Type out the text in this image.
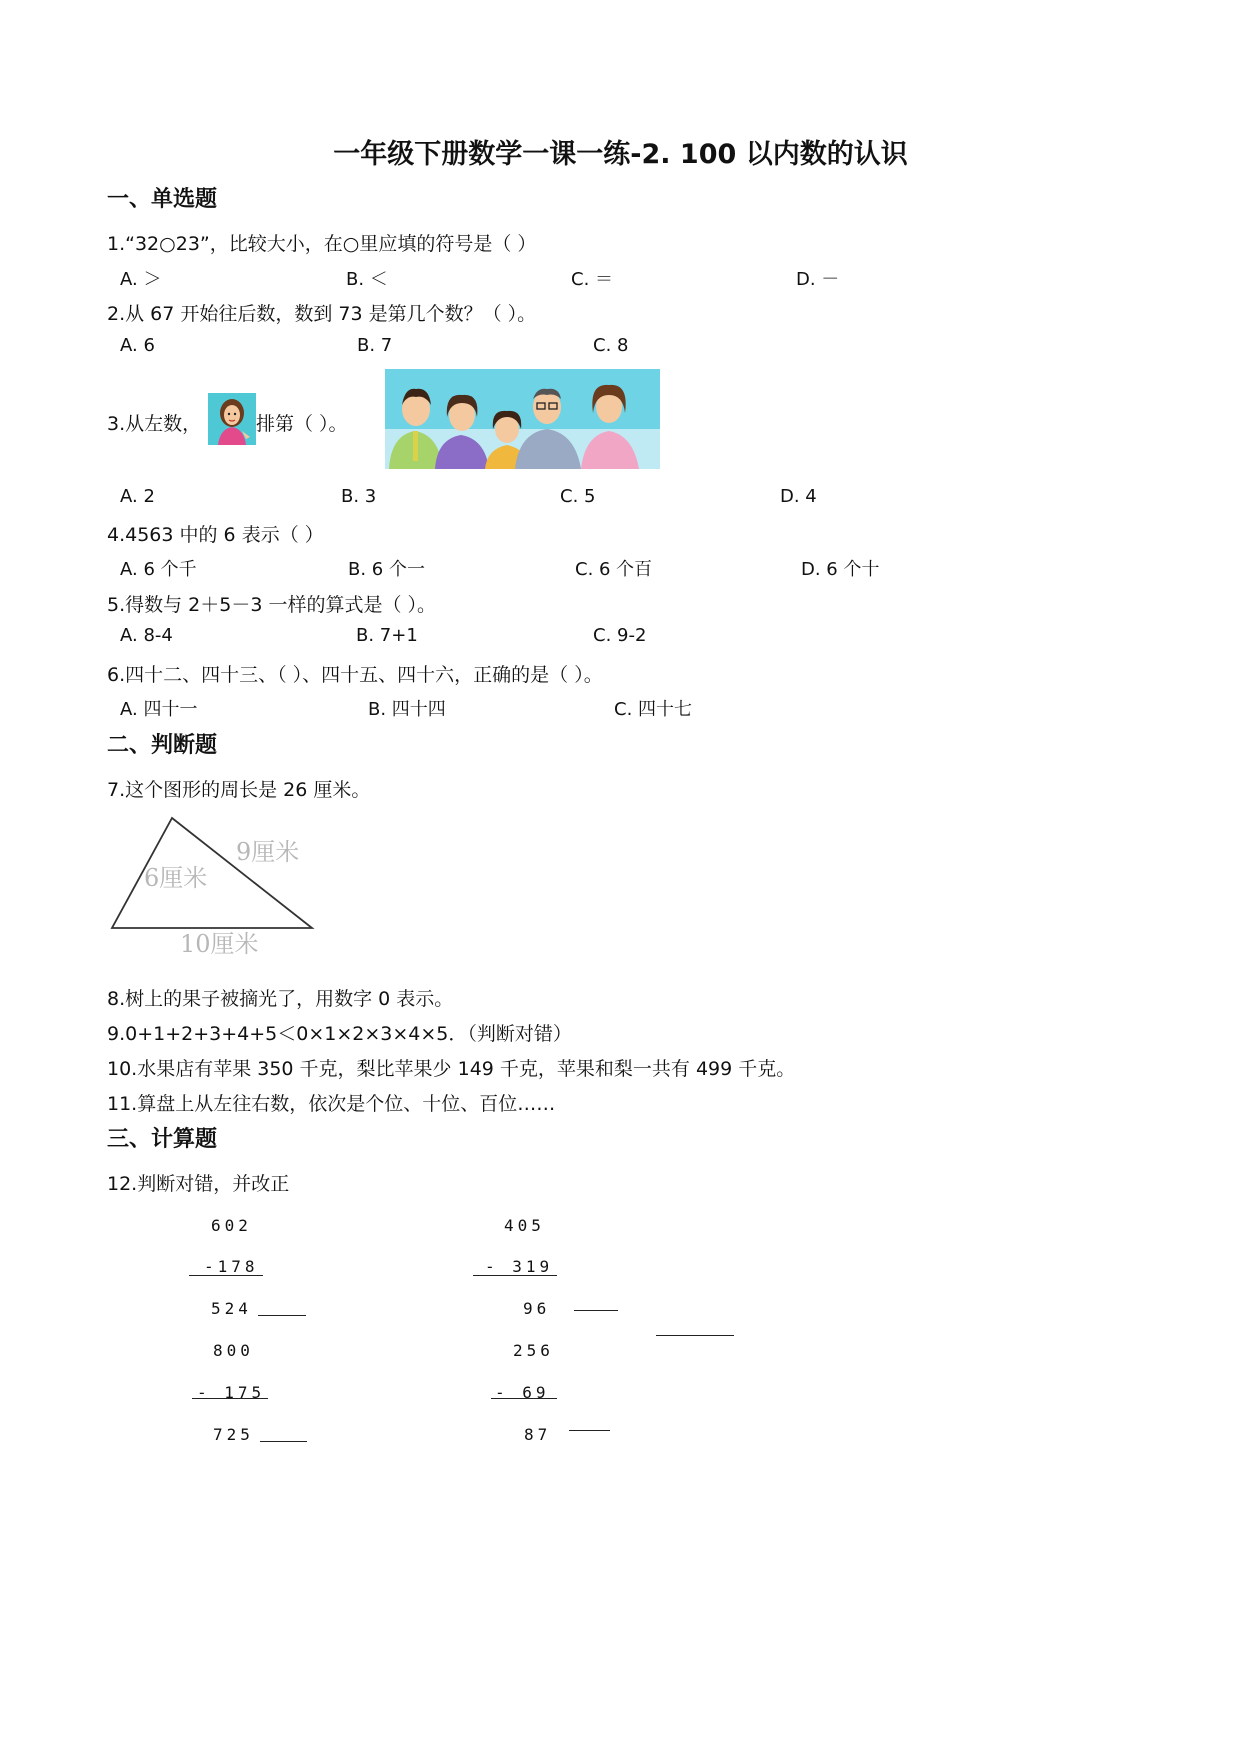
一年级下册数学一课一练-2. 100 以内数的认识
一、单选题
1.“32○23”，比较大小，在○里应填的符号是（ ）
A. ＞	B. ＜	C. ＝	D. －
2.从 67 开始往后数，数到 73 是第几个数？（ ）。
A. 6	B. 7	C. 8
3.从左数，	排第（ ）。
A. 2	B. 3	C. 5	D. 4
4.4563 中的 6 表示（ ）
A. 6 个千	B. 6 个一	C. 6 个百	D. 6 个十
5.得数与 2＋5－3 一样的算式是（ ）。
A. 8-4	B. 7+1	C. 9-2
6.四十二、四十三、（ ）、四十五、四十六，正确的是（ ）。
A. 四十一	B. 四十四	C. 四十七
二、判断题
7.这个图形的周长是 26 厘米。
6厘米
9厘米
10厘米
8.树上的果子被摘光了，用数字 0 表示。
9.0+1+2+3+4+5＜0×1×2×3×4×5．（判断对错）
10.水果店有苹果 350 千克，梨比苹果少 149 千克，苹果和梨一共有 499 千克。
11.算盘上从左往右数，依次是个位、十位、百位……
三、计算题
12.判断对错，并改正
602
-178
524
405
- 319
96
800
- 175
725
256
- 69
87
